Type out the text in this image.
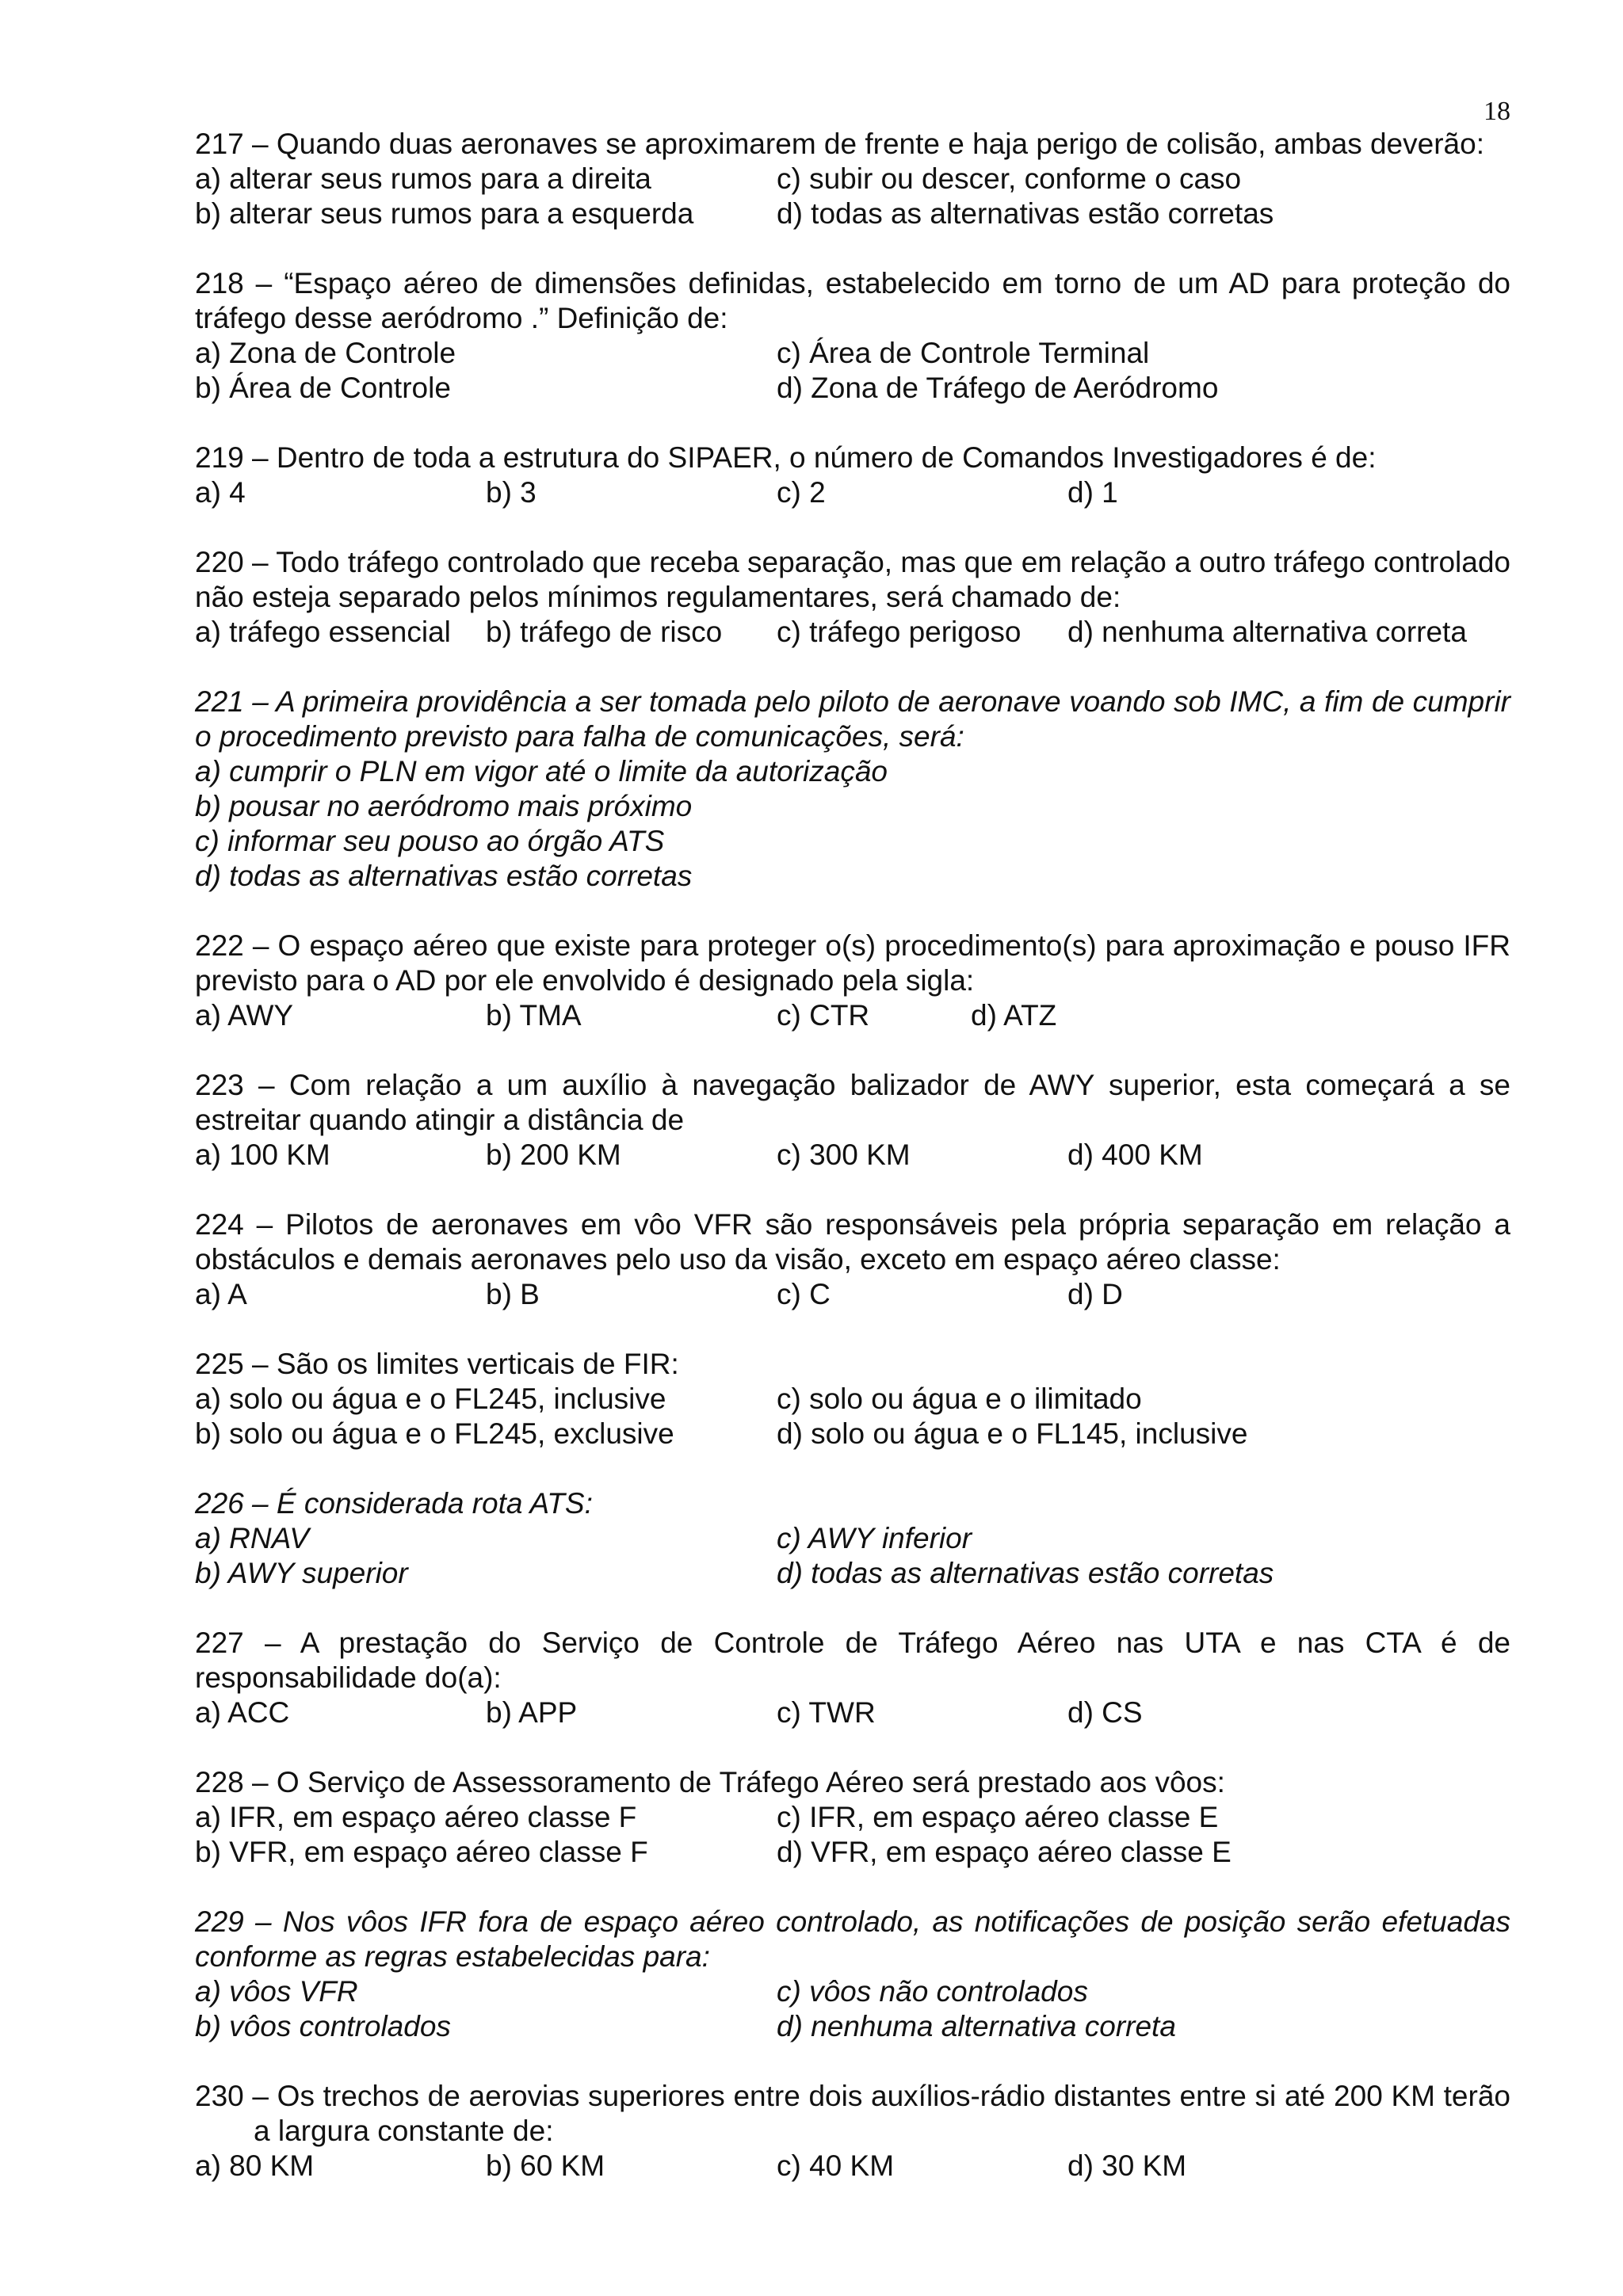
18
217 – Quando duas aeronaves se aproximarem de frente e haja perigo de colisão, ambas deverão:
a) alterar seus rumos para a direita	c) subir ou descer, conforme o caso
b) alterar seus rumos para a esquerda	d) todas as alternativas estão corretas
218 – “Espaço aéreo de dimensões definidas, estabelecido em torno de um AD para proteção do tráfego desse aeródromo .” Definição de:
a) Zona de Controle	c) Área de Controle Terminal
b) Área de Controle	d) Zona de Tráfego de Aeródromo
219 – Dentro de toda a estrutura do SIPAER, o número de Comandos Investigadores é de:
a) 4	b) 3	c) 2	d) 1
220 – Todo tráfego controlado que receba separação, mas que em relação a outro tráfego controlado não esteja separado pelos mínimos regulamentares, será chamado de:
a) tráfego essencial	b) tráfego de risco	c) tráfego perigoso	d) nenhuma alternativa correta
221 – A primeira providência a ser tomada pelo piloto de aeronave voando sob IMC, a fim de cumprir o procedimento previsto para falha de comunicações, será:
a) cumprir o PLN em vigor até o limite da autorização
b) pousar no aeródromo mais próximo
c) informar seu pouso ao órgão ATS
d) todas as alternativas estão corretas
222 – O espaço aéreo que existe para proteger o(s) procedimento(s) para aproximação e pouso IFR previsto para o AD por ele envolvido é designado pela sigla:
a) AWY	b) TMA	c) CTR	d) ATZ
223 – Com relação a um auxílio à navegação balizador de AWY superior, esta começará a se estreitar quando atingir a distância de
a) 100 KM	b) 200 KM	c) 300 KM	d) 400 KM
224 – Pilotos de aeronaves em vôo VFR são responsáveis pela própria separação em relação a obstáculos e demais aeronaves pelo uso da visão, exceto em espaço aéreo classe:
a) A	b) B	c) C	d) D
225 – São os limites verticais de FIR:
a) solo ou água e o FL245, inclusive	c) solo ou água e o ilimitado
b) solo ou água e o FL245, exclusive	d) solo ou água e o FL145, inclusive
226 – É considerada rota ATS:
a) RNAV	c) AWY inferior
b) AWY superior	d) todas as alternativas estão corretas
227 – A prestação do Serviço de Controle de Tráfego Aéreo nas UTA e nas CTA é de responsabilidade do(a):
a) ACC	b) APP	c) TWR	d) CS
228 – O Serviço de Assessoramento de Tráfego Aéreo será prestado aos vôos:
a) IFR, em espaço aéreo classe F	c) IFR, em espaço aéreo classe E
b) VFR, em espaço aéreo classe F	d) VFR, em espaço aéreo classe E
229 – Nos vôos IFR fora de espaço aéreo controlado, as notificações de posição serão efetuadas conforme as regras estabelecidas para:
a) vôos VFR	c) vôos não controlados
b) vôos controlados	d) nenhuma alternativa correta
230 – Os trechos de aerovias superiores entre dois auxílios-rádio distantes entre si até 200 KM terão a largura constante de:
a) 80 KM	b) 60 KM	c) 40 KM	d) 30 KM
